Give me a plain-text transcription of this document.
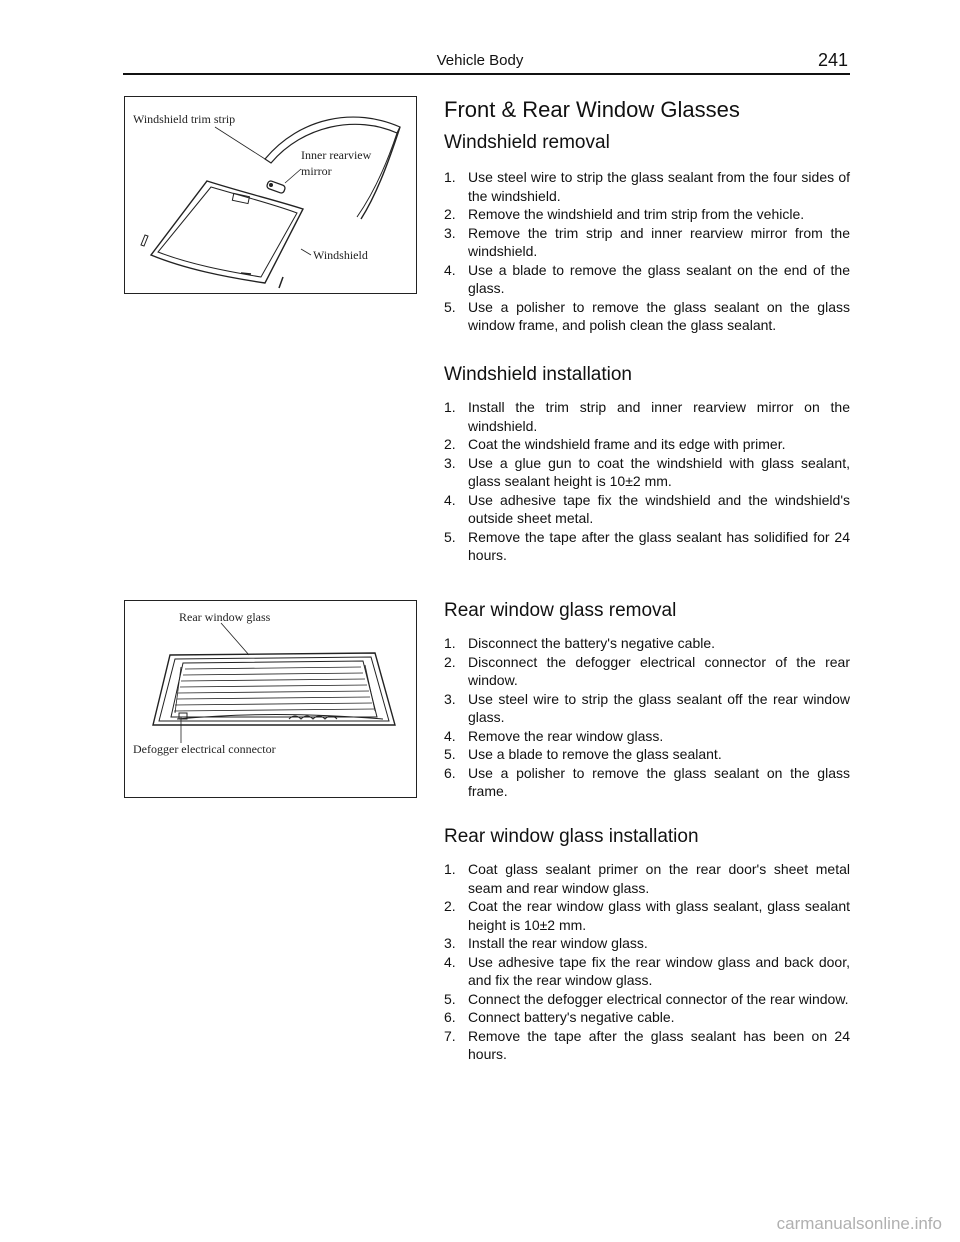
Vehicle Body	241
Windshield trim strip
Inner rearview
mirror
Windshield
Rear window glass
Defogger electrical connector
Front & Rear Window Glasses
Windshield removal
1. Use steel wire to strip the glass sealant from the four sides of the windshield.
2. Remove the windshield and trim strip from the vehicle.
3. Remove the trim strip and inner rearview mirror from the windshield.
4. Use a blade to remove the glass sealant on the end of the glass.
5. Use a polisher to remove the glass sealant on the glass window frame, and polish clean the glass sealant.
Windshield installation
1. Install the trim strip and inner rearview mirror on the windshield.
2. Coat the windshield frame and its edge with primer.
3. Use a glue gun to coat the windshield with glass sealant, glass sealant height is 10±2 mm.
4. Use adhesive tape fix the windshield and the windshield's outside sheet metal.
5. Remove the tape after the glass sealant has solidified for 24 hours.
Rear window glass removal
1. Disconnect the battery's negative cable.
2. Disconnect the defogger electrical connector of the rear window.
3. Use steel wire to strip the glass sealant off the rear window glass.
4. Remove the rear window glass.
5. Use a blade to remove the glass sealant.
6. Use a polisher to remove the glass sealant on the glass frame.
Rear window glass installation
1. Coat glass sealant primer on the rear door's sheet metal seam and rear window glass.
2. Coat the rear window glass with glass sealant, glass sealant height is 10±2 mm.
3. Install the rear window glass.
4. Use adhesive tape fix the rear window glass and back door, and fix the rear window glass.
5. Connect the defogger electrical connector of the rear window.
6. Connect battery's negative cable.
7. Remove the tape after the glass sealant has been on 24 hours.
carmanualsonline.info
